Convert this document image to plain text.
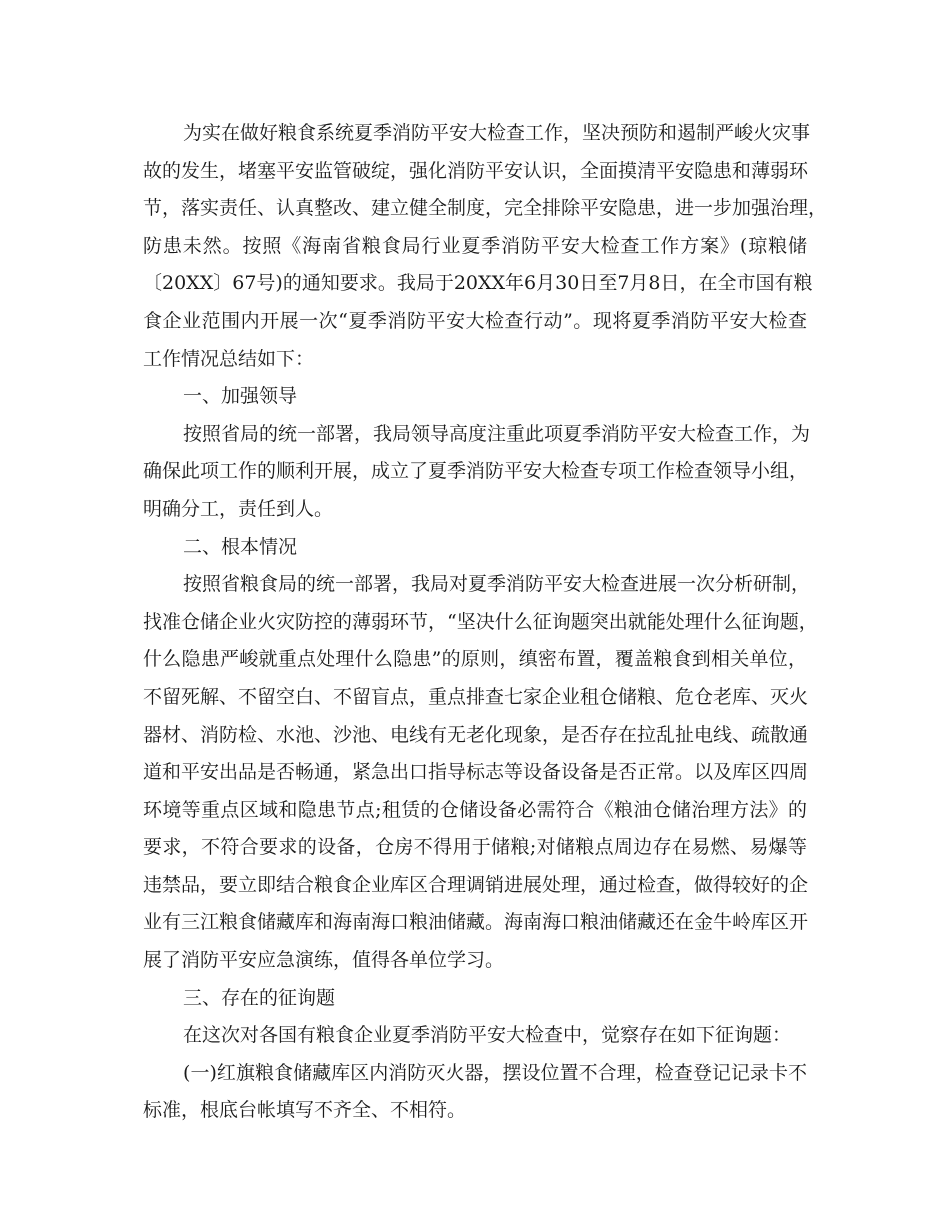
为实在做好粮食系统夏季消防平安大检查工作，坚决预防和遏制严峻火灾事
故的发生，堵塞平安监管破绽，强化消防平安认识，全面摸清平安隐患和薄弱环
节，落实责任、认真整改、建立健全制度，完全排除平安隐患，进一步加强治理，
防患未然。按照《海南省粮食局行业夏季消防平安大检查工作方案》(琼粮储
〔20XX〕67号)的通知要求。我局于20XX年6月30日至7月8日，在全市国有粮
食企业范围内开展一次“夏季消防平安大检查行动”。现将夏季消防平安大检查
工作情况总结如下：
一、加强领导
按照省局的统一部署，我局领导高度注重此项夏季消防平安大检查工作，为
确保此项工作的顺利开展，成立了夏季消防平安大检查专项工作检查领导小组，
明确分工，责任到人。
二、根本情况
按照省粮食局的统一部署，我局对夏季消防平安大检查进展一次分析研制，
找准仓储企业火灾防控的薄弱环节，“坚决什么征询题突出就能处理什么征询题，
什么隐患严峻就重点处理什么隐患”的原则，缜密布置，覆盖粮食到相关单位，
不留死解、不留空白、不留盲点，重点排查七家企业租仓储粮、危仓老库、灭火
器材、消防检、水池、沙池、电线有无老化现象，是否存在拉乱扯电线、疏散通
道和平安出品是否畅通，紧急出口指导标志等设备设备是否正常。以及库区四周
环境等重点区域和隐患节点;租赁的仓储设备必需符合《粮油仓储治理方法》的
要求，不符合要求的设备，仓房不得用于储粮;对储粮点周边存在易燃、易爆等
违禁品，要立即结合粮食企业库区合理调销进展处理，通过检查，做得较好的企
业有三江粮食储藏库和海南海口粮油储藏。海南海口粮油储藏还在金牛岭库区开
展了消防平安应急演练，值得各单位学习。
三、存在的征询题
在这次对各国有粮食企业夏季消防平安大检查中，觉察存在如下征询题：
(一)红旗粮食储藏库区内消防灭火器，摆设位置不合理，检查登记记录卡不
标准，根底台帐填写不齐全、不相符。
